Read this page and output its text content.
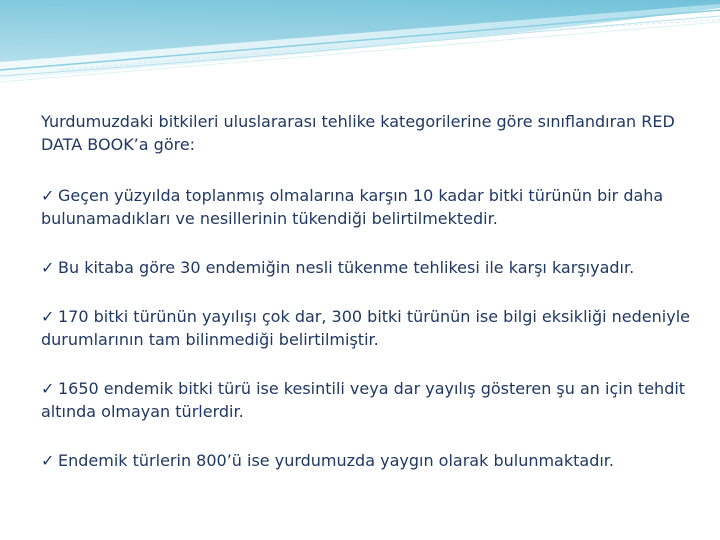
Yurdumuzdaki bitkileri uluslararası tehlike kategorilerine göre sınıflandıran RED DATA BOOK’a göre:

✓ Geçen yüzyılda toplanmış olmalarına karşın 10 kadar bitki türünün bir daha bulunamadıkları ve nesillerinin tükendiği belirtilmektedir.

✓ Bu kitaba göre 30 endemiğin nesli tükenme tehlikesi ile karşı karşıyadır.

✓ 170 bitki türünün yayılışı çok dar, 300 bitki türünün ise bilgi eksikliği nedeniyle durumlarının tam bilinmediği belirtilmiştir.

✓ 1650 endemik bitki türü ise kesintili veya dar yayılış gösteren şu an için tehdit altında olmayan türlerdir.

✓ Endemik türlerin 800’ü ise yurdumuzda yaygın olarak bulunmaktadır.
